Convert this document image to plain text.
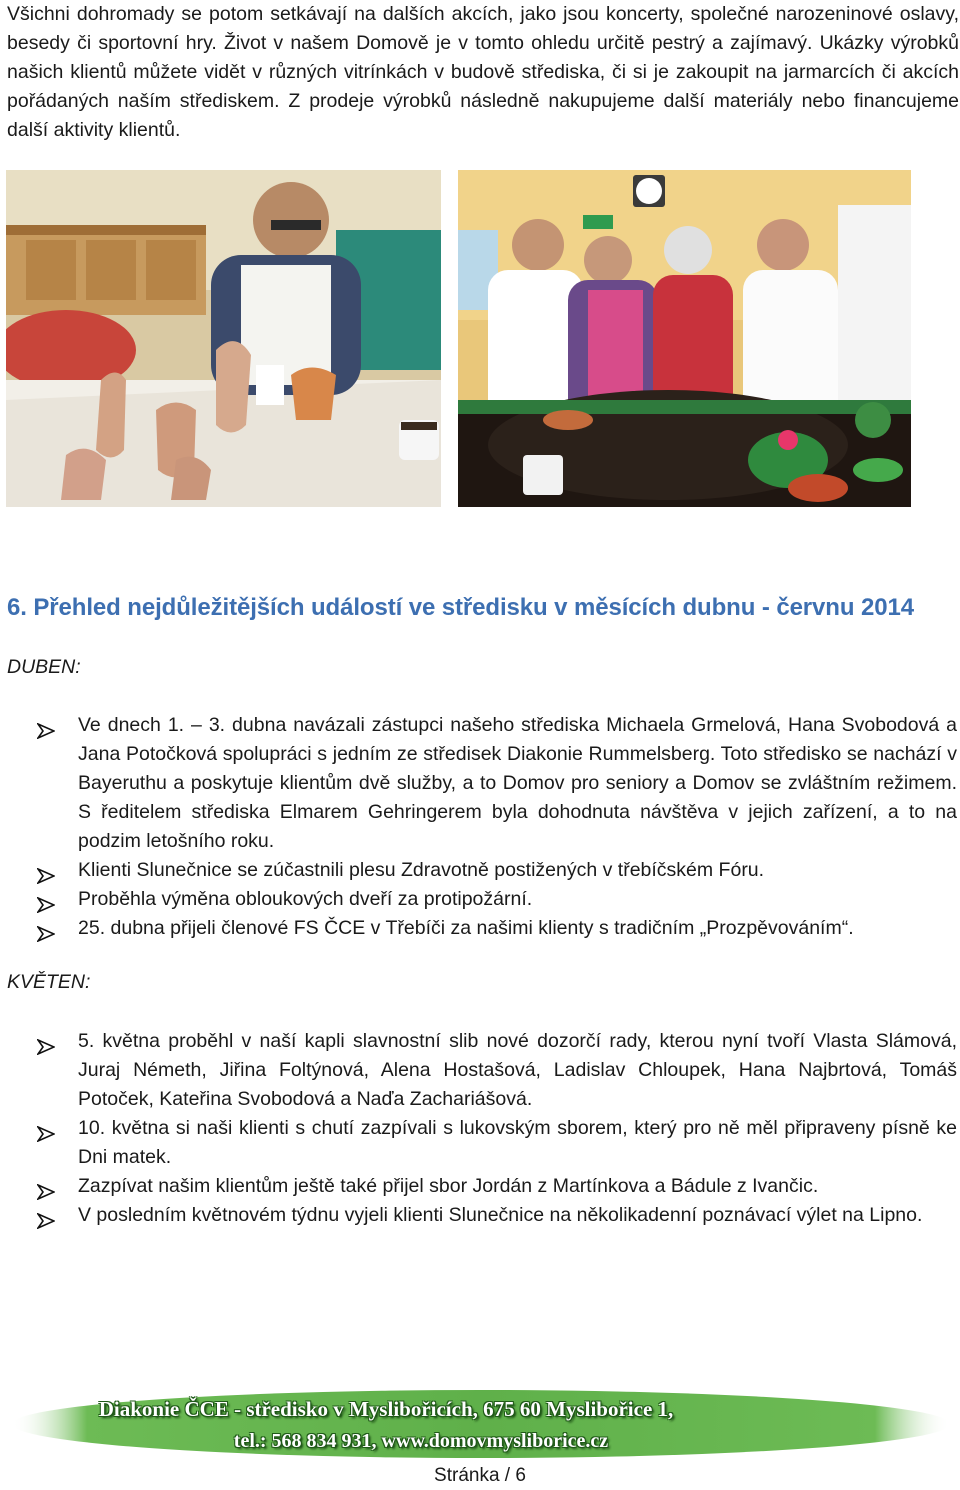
Všichni dohromady se potom setkávají na dalších akcích, jako jsou koncerty, společné narozeninové oslavy, besedy či sportovní hry. Život v našem Domově je v tomto ohledu určitě pestrý a zajímavý. Ukázky výrobků našich klientů můžete vidět v různých vitrínkách v budově střediska, či si je zakoupit na jarmarcích či akcích pořádaných naším střediskem. Z prodeje výrobků následně nakupujeme další materiály nebo financujeme další aktivity klientů.

6. Přehled nejdůležitějších událostí ve středisku v měsících dubnu - červnu 2014
DUBEN:
Ve dnech 1. – 3. dubna navázali zástupci našeho střediska Michaela Grmelová, Hana Svobodová a Jana Potočková spolupráci s jedním ze středisek Diakonie Rummelsberg. Toto středisko se nachází v Bayeruthu a poskytuje klientům dvě služby, a to Domov pro seniory a Domov se zvláštním režimem. S ředitelem střediska Elmarem Gehringerem byla dohodnuta návštěva v jejich zařízení, a to na podzim letošního roku.
Klienti Slunečnice se zúčastnili plesu Zdravotně postižených v třebíčském Fóru.
Proběhla výměna obloukových dveří za protipožární.
25. dubna přijeli členové FS ČCE v Třebíči za našimi klienty s tradičním „Prozpěvováním“.
KVĚTEN:
5. května proběhl v naší kapli slavnostní slib nové dozorčí rady, kterou nyní tvoří Vlasta Slámová, Juraj Németh, Jiřina Foltýnová, Alena Hostašová, Ladislav Chloupek, Hana Najbrtová, Tomáš Potoček, Kateřina Svobodová a Naďa Zachariášová.
10. května si naši klienti s chutí zazpívali s lukovským sborem, který pro ně měl připraveny písně ke Dni matek.
Zazpívat našim klientům ještě také přijel sbor Jordán z Martínkova a Bádule z Ivančic.
V posledním květnovém týdnu vyjeli klienti Slunečnice na několikadenní poznávací výlet na Lipno.
Diakonie ČCE - středisko v Myslibořicích, 675 60 Myslibořice 1,
tel.: 568 834 931, www.domovmysliborice.cz
Stránka / 6
